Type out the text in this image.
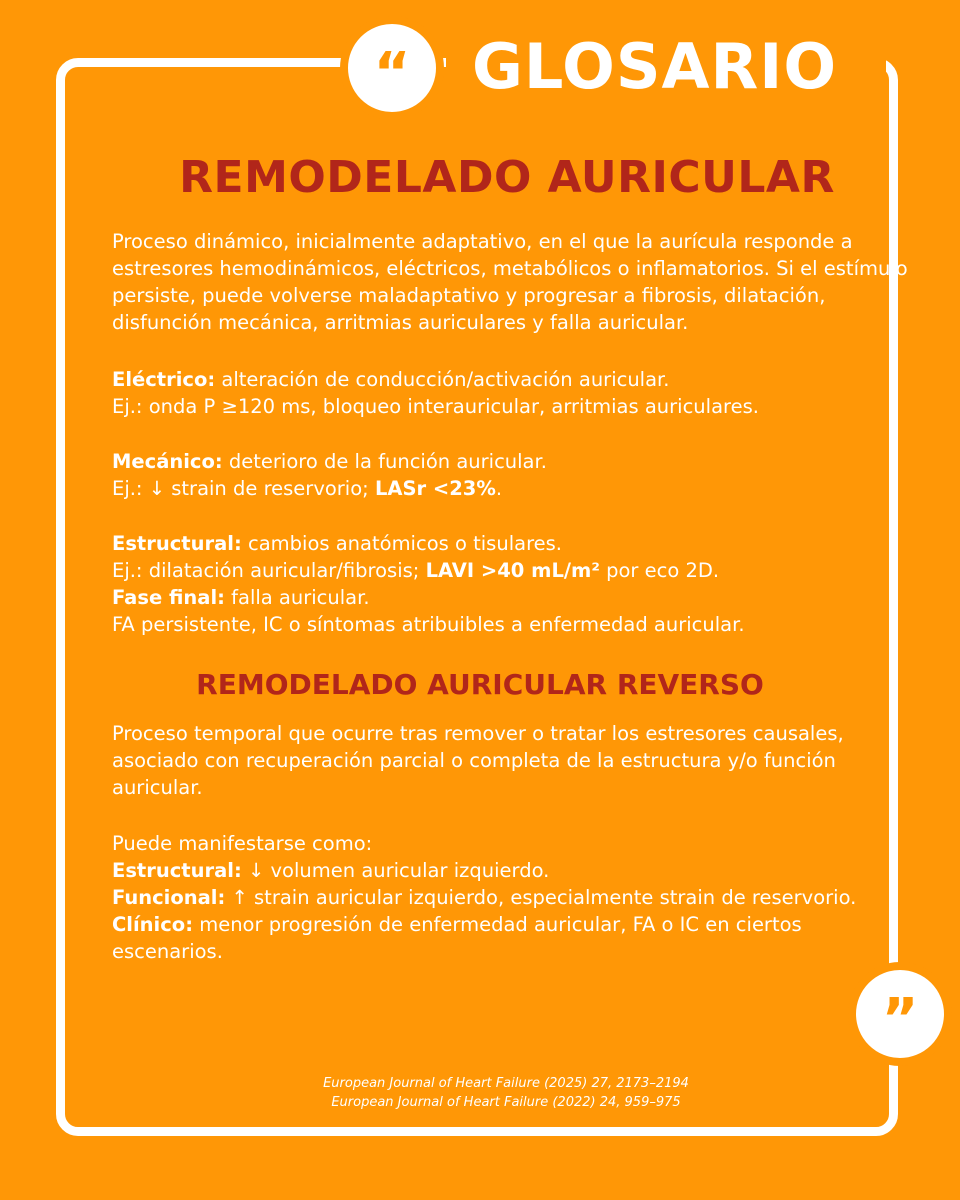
“ GLOSARIO
REMODELADO AURICULAR

Proceso dinámico, inicialmente adaptativo, en el que la aurícula responde a estresores hemodinámicos, eléctricos, metabólicos o inflamatorios. Si el estímulo persiste, puede volverse maladaptativo y progresar a fibrosis, dilatación, disfunción mecánica, arritmias auriculares y falla auricular.

Eléctrico: alteración de conducción/activación auricular.

Ej.: onda P ≥120 ms, bloqueo interauricular, arritmias auriculares.

Mecánico: deterioro de la función auricular.

Ej.: ↓ strain de reservorio; LASr <23%.

Estructural: cambios anatómicos o tisulares.

Ej.: dilatación auricular/fibrosis; LAVI >40 mL/m² por eco 2D.

Fase final: falla auricular.

FA persistente, IC o síntomas atribuibles a enfermedad auricular.

REMODELADO AURICULAR REVERSO

Proceso temporal que ocurre tras remover o tratar los estresores causales, asociado con recuperación parcial o completa de la estructura y/o función auricular.

Puede manifestarse como:

Estructural: ↓ volumen auricular izquierdo.

Funcional: ↑ strain auricular izquierdo, especialmente strain de reservorio.

Clínico: menor progresión de enfermedad auricular, FA o IC en ciertos escenarios.

”
European Journal of Heart Failure (2025) 27, 2173–2194
European Journal of Heart Failure (2022) 24, 959–975
